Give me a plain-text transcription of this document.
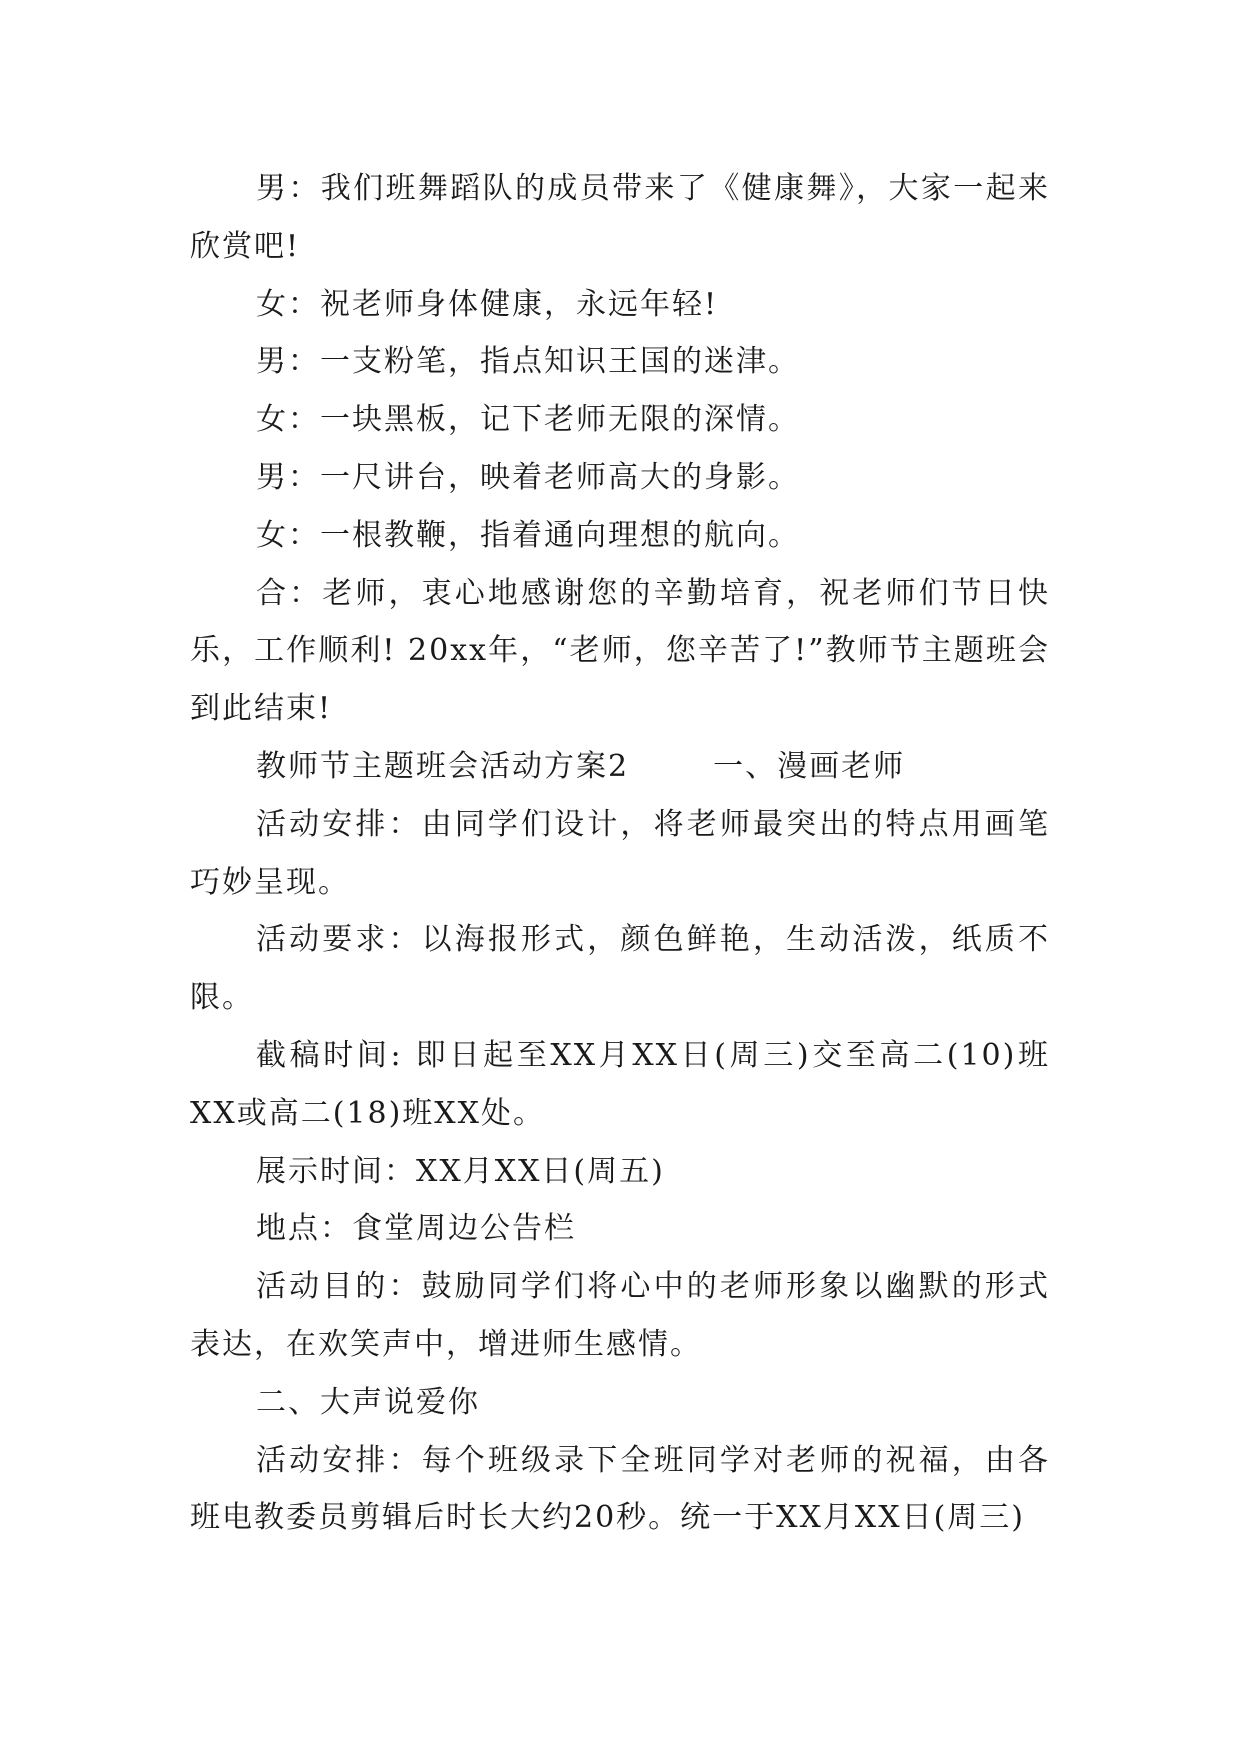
男：我们班舞蹈队的成员带来了《健康舞》，大家一起来欣赏吧!

女：祝老师身体健康，永远年轻!

男：一支粉笔，指点知识王国的迷津。

女：一块黑板，记下老师无限的深情。

男：一尺讲台，映着老师高大的身影。

女：一根教鞭，指着通向理想的航向。

合：老师，衷心地感谢您的辛勤培育，祝老师们节日快乐，工作顺利! 20xx年，“老师，您辛苦了!”教师节主题班会到此结束!

教师节主题班会活动方案2	一、漫画老师

活动安排：由同学们设计，将老师最突出的特点用画笔巧妙呈现。

活动要求：以海报形式，颜色鲜艳，生动活泼，纸质不限。

截稿时间: 即日起至XX月XX日(周三)交至高二(10)班XX或高二(18)班XX处。

展示时间：XX月XX日(周五)

地点：食堂周边公告栏

活动目的：鼓励同学们将心中的老师形象以幽默的形式表达，在欢笑声中，增进师生感情。

二、大声说爱你

活动安排：每个班级录下全班同学对老师的祝福，由各班电教委员剪辑后时长大约20秒。统一于XX月XX日(周三)
